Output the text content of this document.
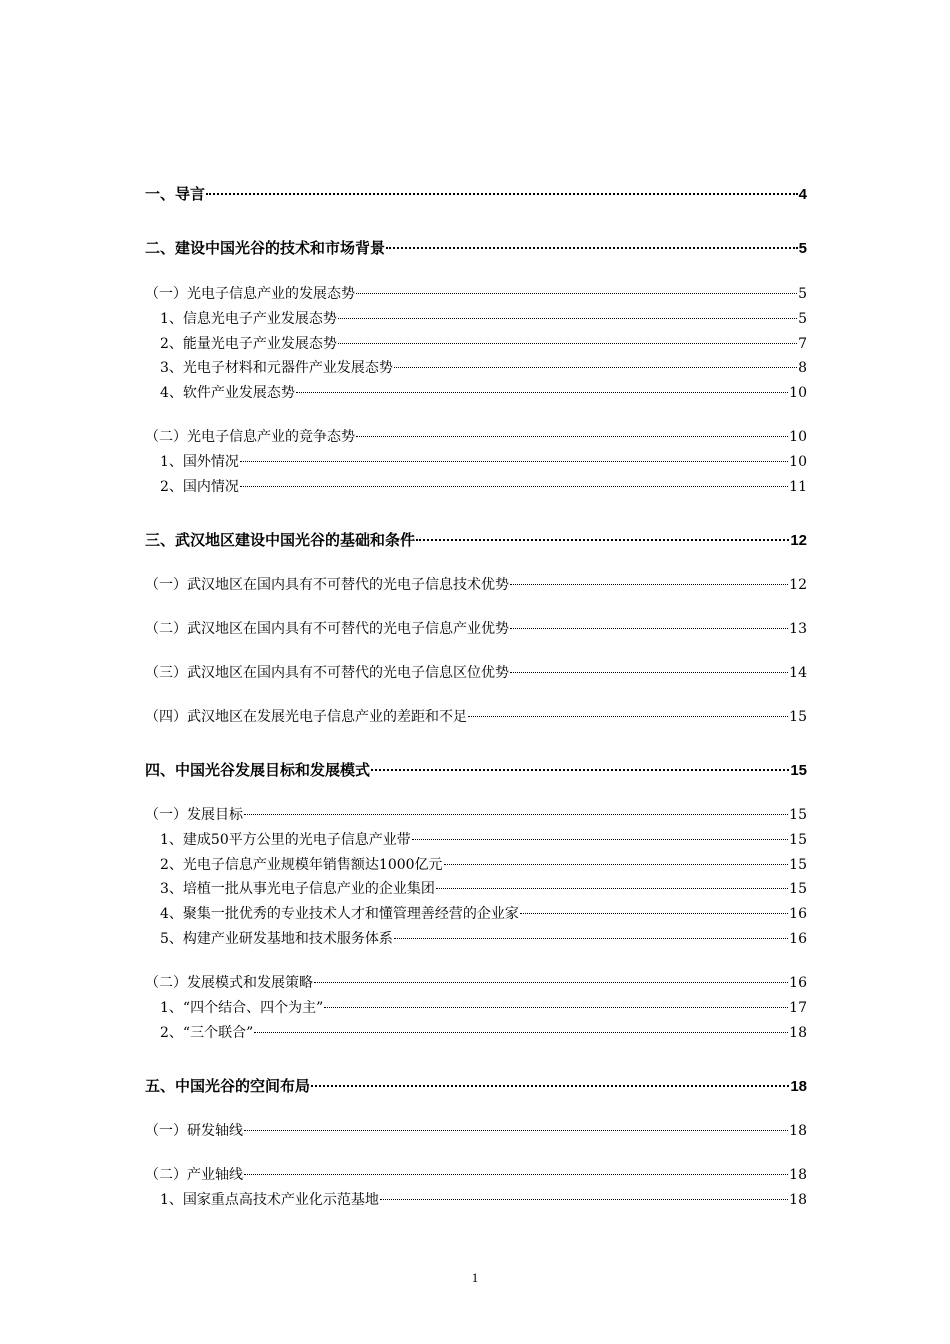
一、导言	4
二、建设中国光谷的技术和市场背景	5
（一）光电子信息产业的发展态势	5
1、信息光电子产业发展态势	5
2、能量光电子产业发展态势	7
3、光电子材料和元器件产业发展态势	8
4、软件产业发展态势	10
（二）光电子信息产业的竞争态势	10
1、国外情况	10
2、国内情况	11
三、武汉地区建设中国光谷的基础和条件	12
（一）武汉地区在国内具有不可替代的光电子信息技术优势	12
（二）武汉地区在国内具有不可替代的光电子信息产业优势	13
（三）武汉地区在国内具有不可替代的光电子信息区位优势	14
（四）武汉地区在发展光电子信息产业的差距和不足	15
四、中国光谷发展目标和发展模式	15
（一）发展目标	15
1、建成50平方公里的光电子信息产业带	15
2、光电子信息产业规模年销售额达1000亿元	15
3、培植一批从事光电子信息产业的企业集团	15
4、聚集一批优秀的专业技术人才和懂管理善经营的企业家	16
5、构建产业研发基地和技术服务体系	16
（二）发展模式和发展策略	16
1、“四个结合、四个为主”	17
2、“三个联合”	18
五、中国光谷的空间布局	18
（一）研发轴线	18
（二）产业轴线	18
1、国家重点高技术产业化示范基地	18
1
